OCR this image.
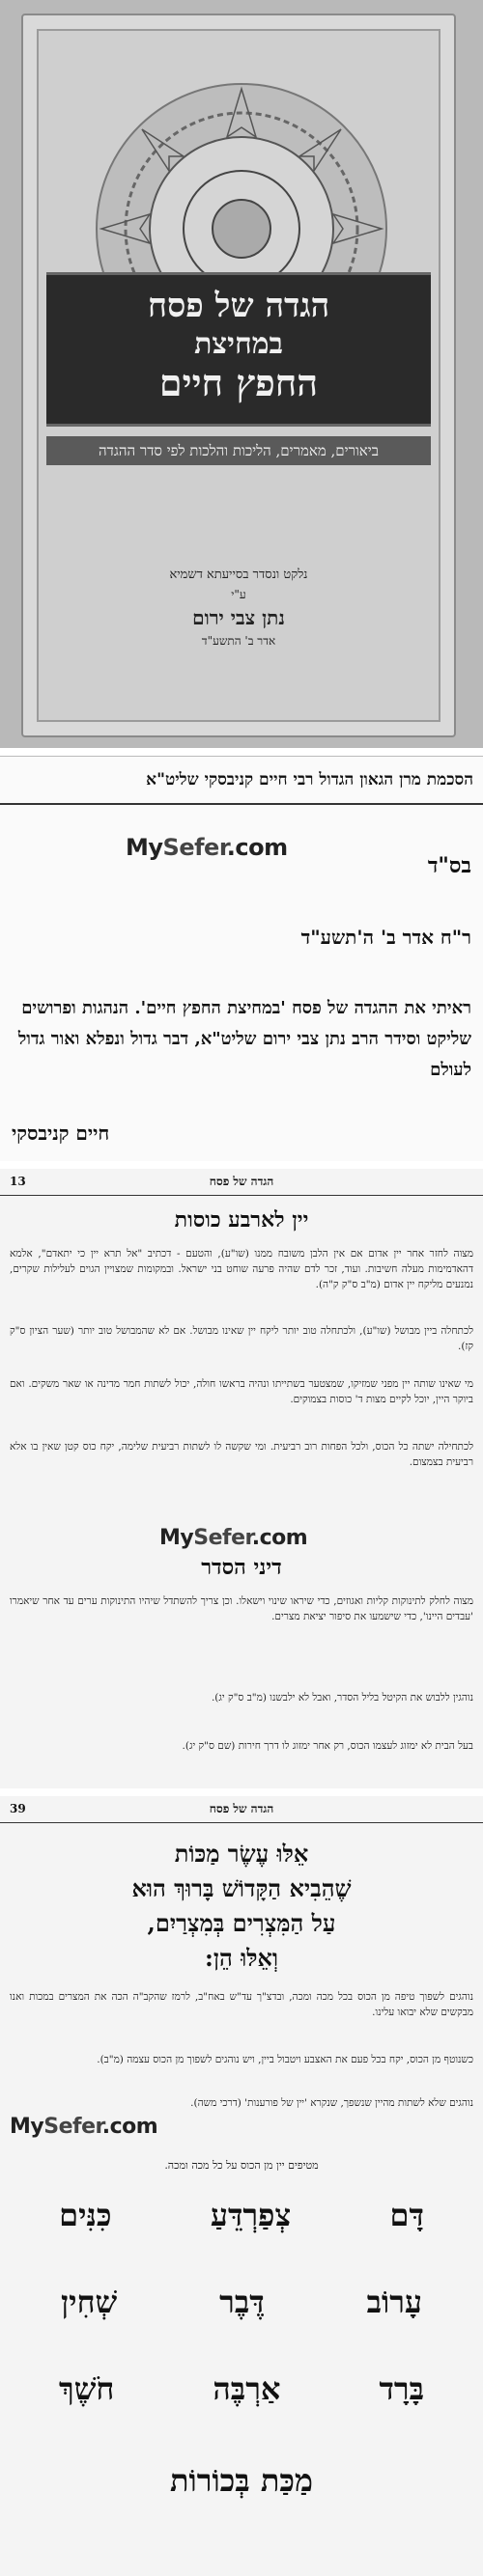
הגדה של פסח
במחיצת
החפץ חיים
ביאורים, מאמרים, הליכות והלכות לפי סדר ההגדה
נלקט ונסדר בסייעתא דשמיא
ע"י
נתן צבי ירום
אדר ב' התשע"ד
הסכמת מרן הגאון הגדול רבי חיים קניבסקי שליט"א
MySefer.com
בס"ד
ר"ח אדר ב' ה'תשע"ד
ראיתי את ההגדה של פסח 'במחיצת החפץ חיים'. הנהגות ופרושים שליקט וסידר הרב נתן צבי ירום שליט"א, דבר גדול ונפלא ואור גדול לעולם
חיים קניבסקי
הגדה של פסח
13
יין לארבע כוסות
מצוה לחזר אחר יין אדום אם אין הלבן משובח ממנו (שו"ע), והטעם - דכתיב "אל תרא יין כי יתאדם", אלמא דהאדמימות מעלה חשיבות. ועוד, זכר לדם שהיה פרעה שוחט בני ישראל. ובמקומות שמצויין הגוים לעלילות שקרים, נמנעים מליקח יין אדום (מ"ב ס"ק ק"ה).
לכתחלה ביין מבושל (שו"ע), ולכתחלה טוב יותר ליקח יין שאינו מבושל. אם לא שהמבושל טוב יותר (שער הציון ס"ק קז).
מי שאינו שותה יין מפני שמזיקו, שמצטער בשתייתו ונהיה בראשו חולה, יכול לשתות חמר מדינה או שאר משקים. ואם ביוקר היין, יוכל לקיים מצות ד' כוסות בצמוקים.
לכתחילה ישתה כל הכוס, ולכל הפחות רוב רביעית. ומי שקשה לו לשתות רביעית שלימה, יקח כוס קטן שאין בו אלא רביעית בצמצום.
MySefer.com
דיני הסדר
מצוה לחלק לתינוקות קליות ואגוזים, כדי שיראו שינוי וישאלו. וכן צריך להשתדל שיהיו התינוקות ערים עד אחר שיאמרו 'עבדים היינו', כדי שישמעו את סיפור יציאת מצרים.
נוהגין ללבוש את הקיטל בליל הסדר, ואבל לא ילבשנו (מ"ב ס"ק יג).
בעל הבית לא ימזוג לעצמו הכוס, רק אחר ימזוג לו דרך חירות (שם ס"ק יג).
הגדה של פסח
39
אֵלּוּ עֶשֶׂר מַכּוֹת
שֶׁהֵבִיא הַקָּדוֹשׁ בָּרוּךְ הוּא
עַל הַמִּצְרִים בְּמִצְרַיִם,
וְאֵלּוּ הֵן:
נוהגים לשפוך טיפה מן הכוס בכל מכה ומכה, ובדצ"ך עד"ש באח"ב, לרמז שהקב"ה הכה את המצרים במכות ואנו מבקשים שלא יבואו עלינו.
כשנוטף מן הכוס, יקח בכל פעם את האצבע ויטבול ביין, ויש נוהגים לשפוך מן הכוס עצמה (מ"ב).
נוהגים שלא לשתות מהיין שנשפך, שנקרא 'יין של פורענות' (דרכי משה).
MySefer.com
מטיפים יין מן הכוס על כל מכה ומכה.
דָּם
צְפַרְדֵּעַ
כִּנִּים
עָרוֹב
דֶּבֶר
שְׁחִין
בָּרָד
אַרְבֶּה
חֹשֶׁךְ
מַכַּת בְּכוֹרוֹת
